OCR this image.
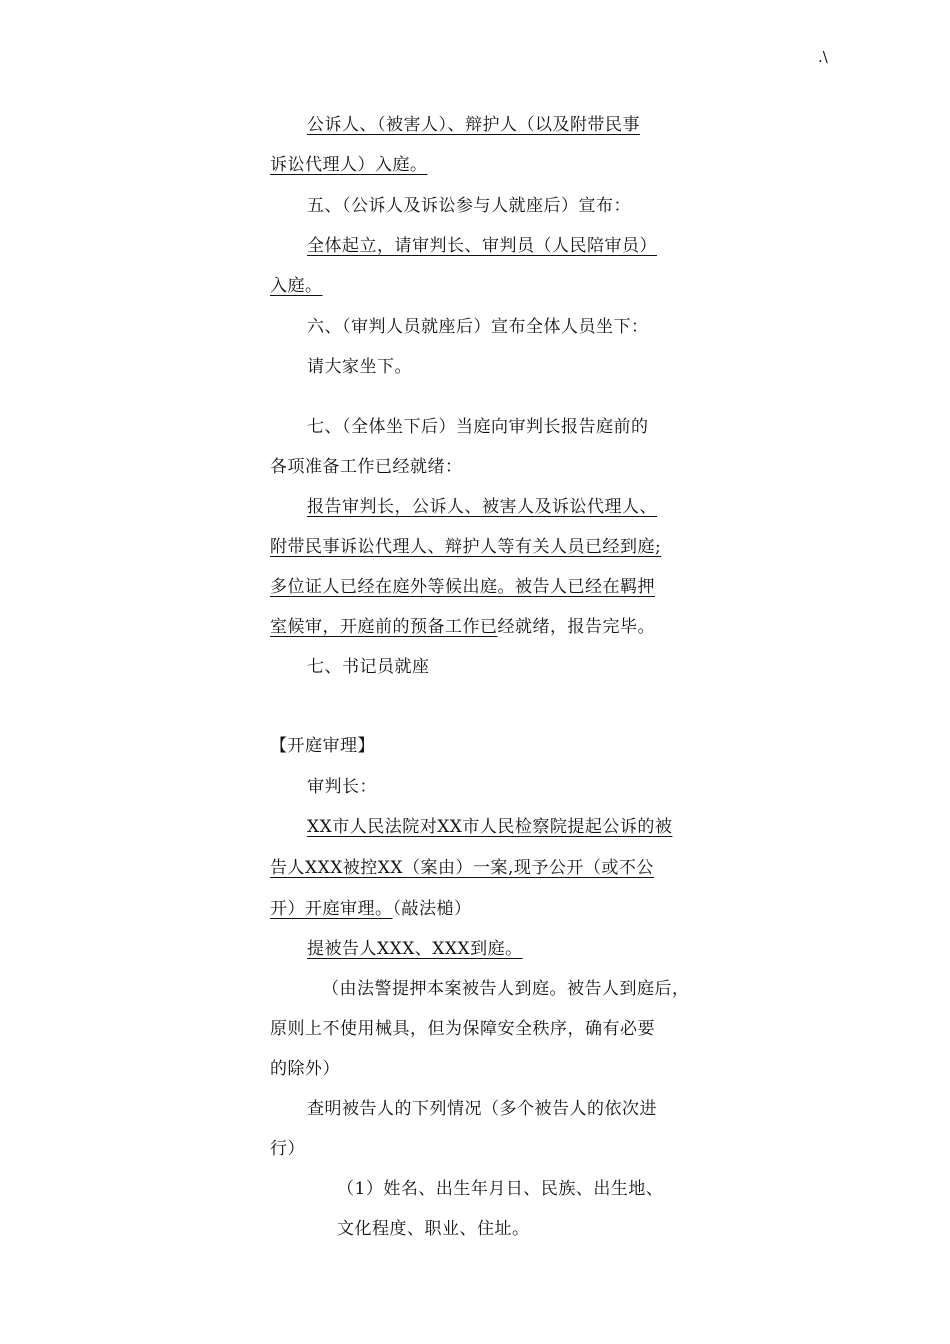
.\
公诉人、（被害人）、辩护人（以及附带民事
诉讼代理人）入庭。
五、（公诉人及诉讼参与人就座后）宣布：
全体起立，请审判长、审判员（人民陪审员）
入庭。
六、（审判人员就座后）宣布全体人员坐下：
请大家坐下。
七、（全体坐下后）当庭向审判长报告庭前的
各项准备工作已经就绪：
报告审判长，公诉人、被害人及诉讼代理人、
附带民事诉讼代理人、辩护人等有关人员已经到庭;
多位证人已经在庭外等候出庭。被告人已经在羁押
室候审，开庭前的预备工作已经就绪，报告完毕。
七、书记员就座
【开庭审理】
审判长：
XX市人民法院对XX市人民检察院提起公诉的被
告人XXX被控XX（案由）一案,现予公开（或不公
开）开庭审理。（敲法槌）
提被告人XXX、XXX到庭。
（由法警提押本案被告人到庭。被告人到庭后，
原则上不使用械具，但为保障安全秩序，确有必要
的除外）
查明被告人的下列情况（多个被告人的依次进
行）
（1）姓名、出生年月日、民族、出生地、
文化程度、职业、住址。
